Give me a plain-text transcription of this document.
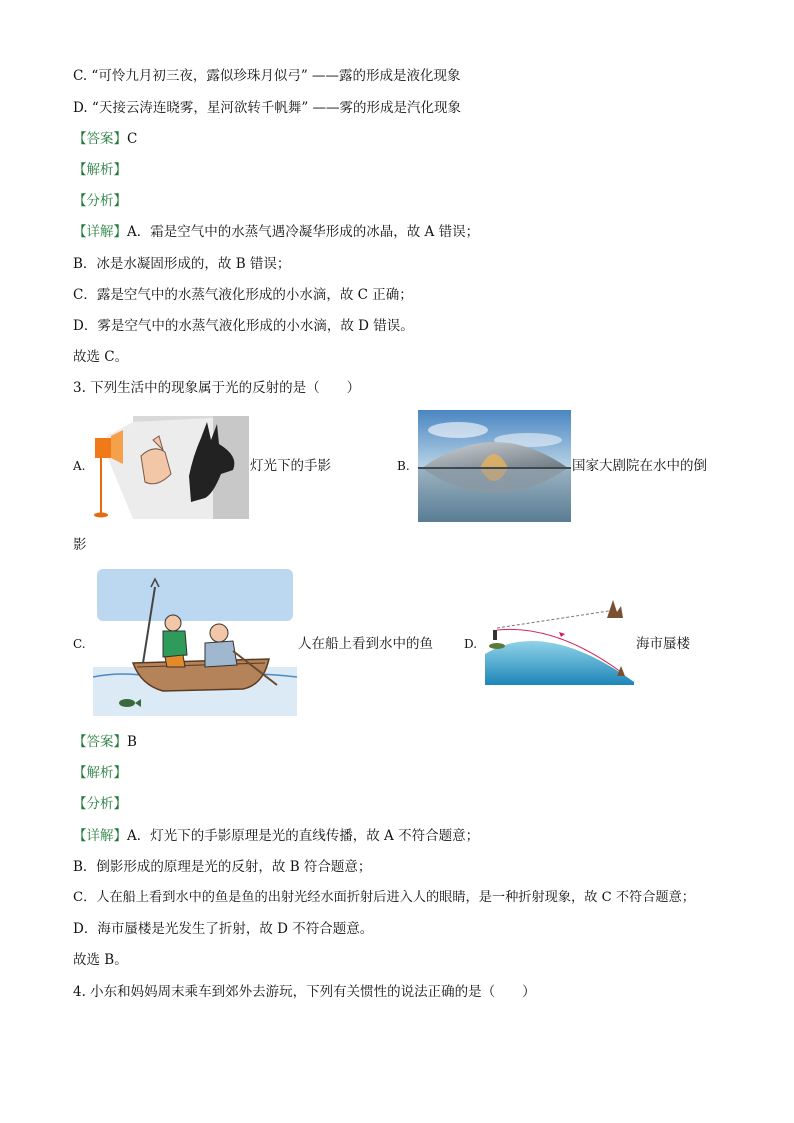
C. “可怜九月初三夜，露似珍珠月似弓” ——露的形成是液化现象
D. “天接云涛连晓雾，星河欲转千帆舞” ——雾的形成是汽化现象
【答案】C
【解析】
【分析】
【详解】A．霜是空气中的水蒸气遇冷凝华形成的冰晶，故 A 错误；
B．冰是水凝固形成的，故 B 错误；
C．露是空气中的水蒸气液化形成的小水滴，故 C 正确；
D．雾是空气中的水蒸气液化形成的小水滴，故 D 错误。
故选 C。
3. 下列生活中的现象属于光的反射的是（　　）
A.	灯光下的手影	B.	国家大剧院在水中的倒
影
C.	人在船上看到水中的鱼	D.	海市蜃楼
【答案】B
【解析】
【分析】
【详解】A．灯光下的手影原理是光的直线传播，故 A 不符合题意；
B．倒影形成的原理是光的反射，故 B 符合题意；
C．人在船上看到水中的鱼是鱼的出射光经水面折射后进入人的眼睛，是一种折射现象，故 C 不符合题意；
D．海市蜃楼是光发生了折射，故 D 不符合题意。
故选 B。
4. 小东和妈妈周末乘车到郊外去游玩，下列有关惯性的说法正确的是（　　）
